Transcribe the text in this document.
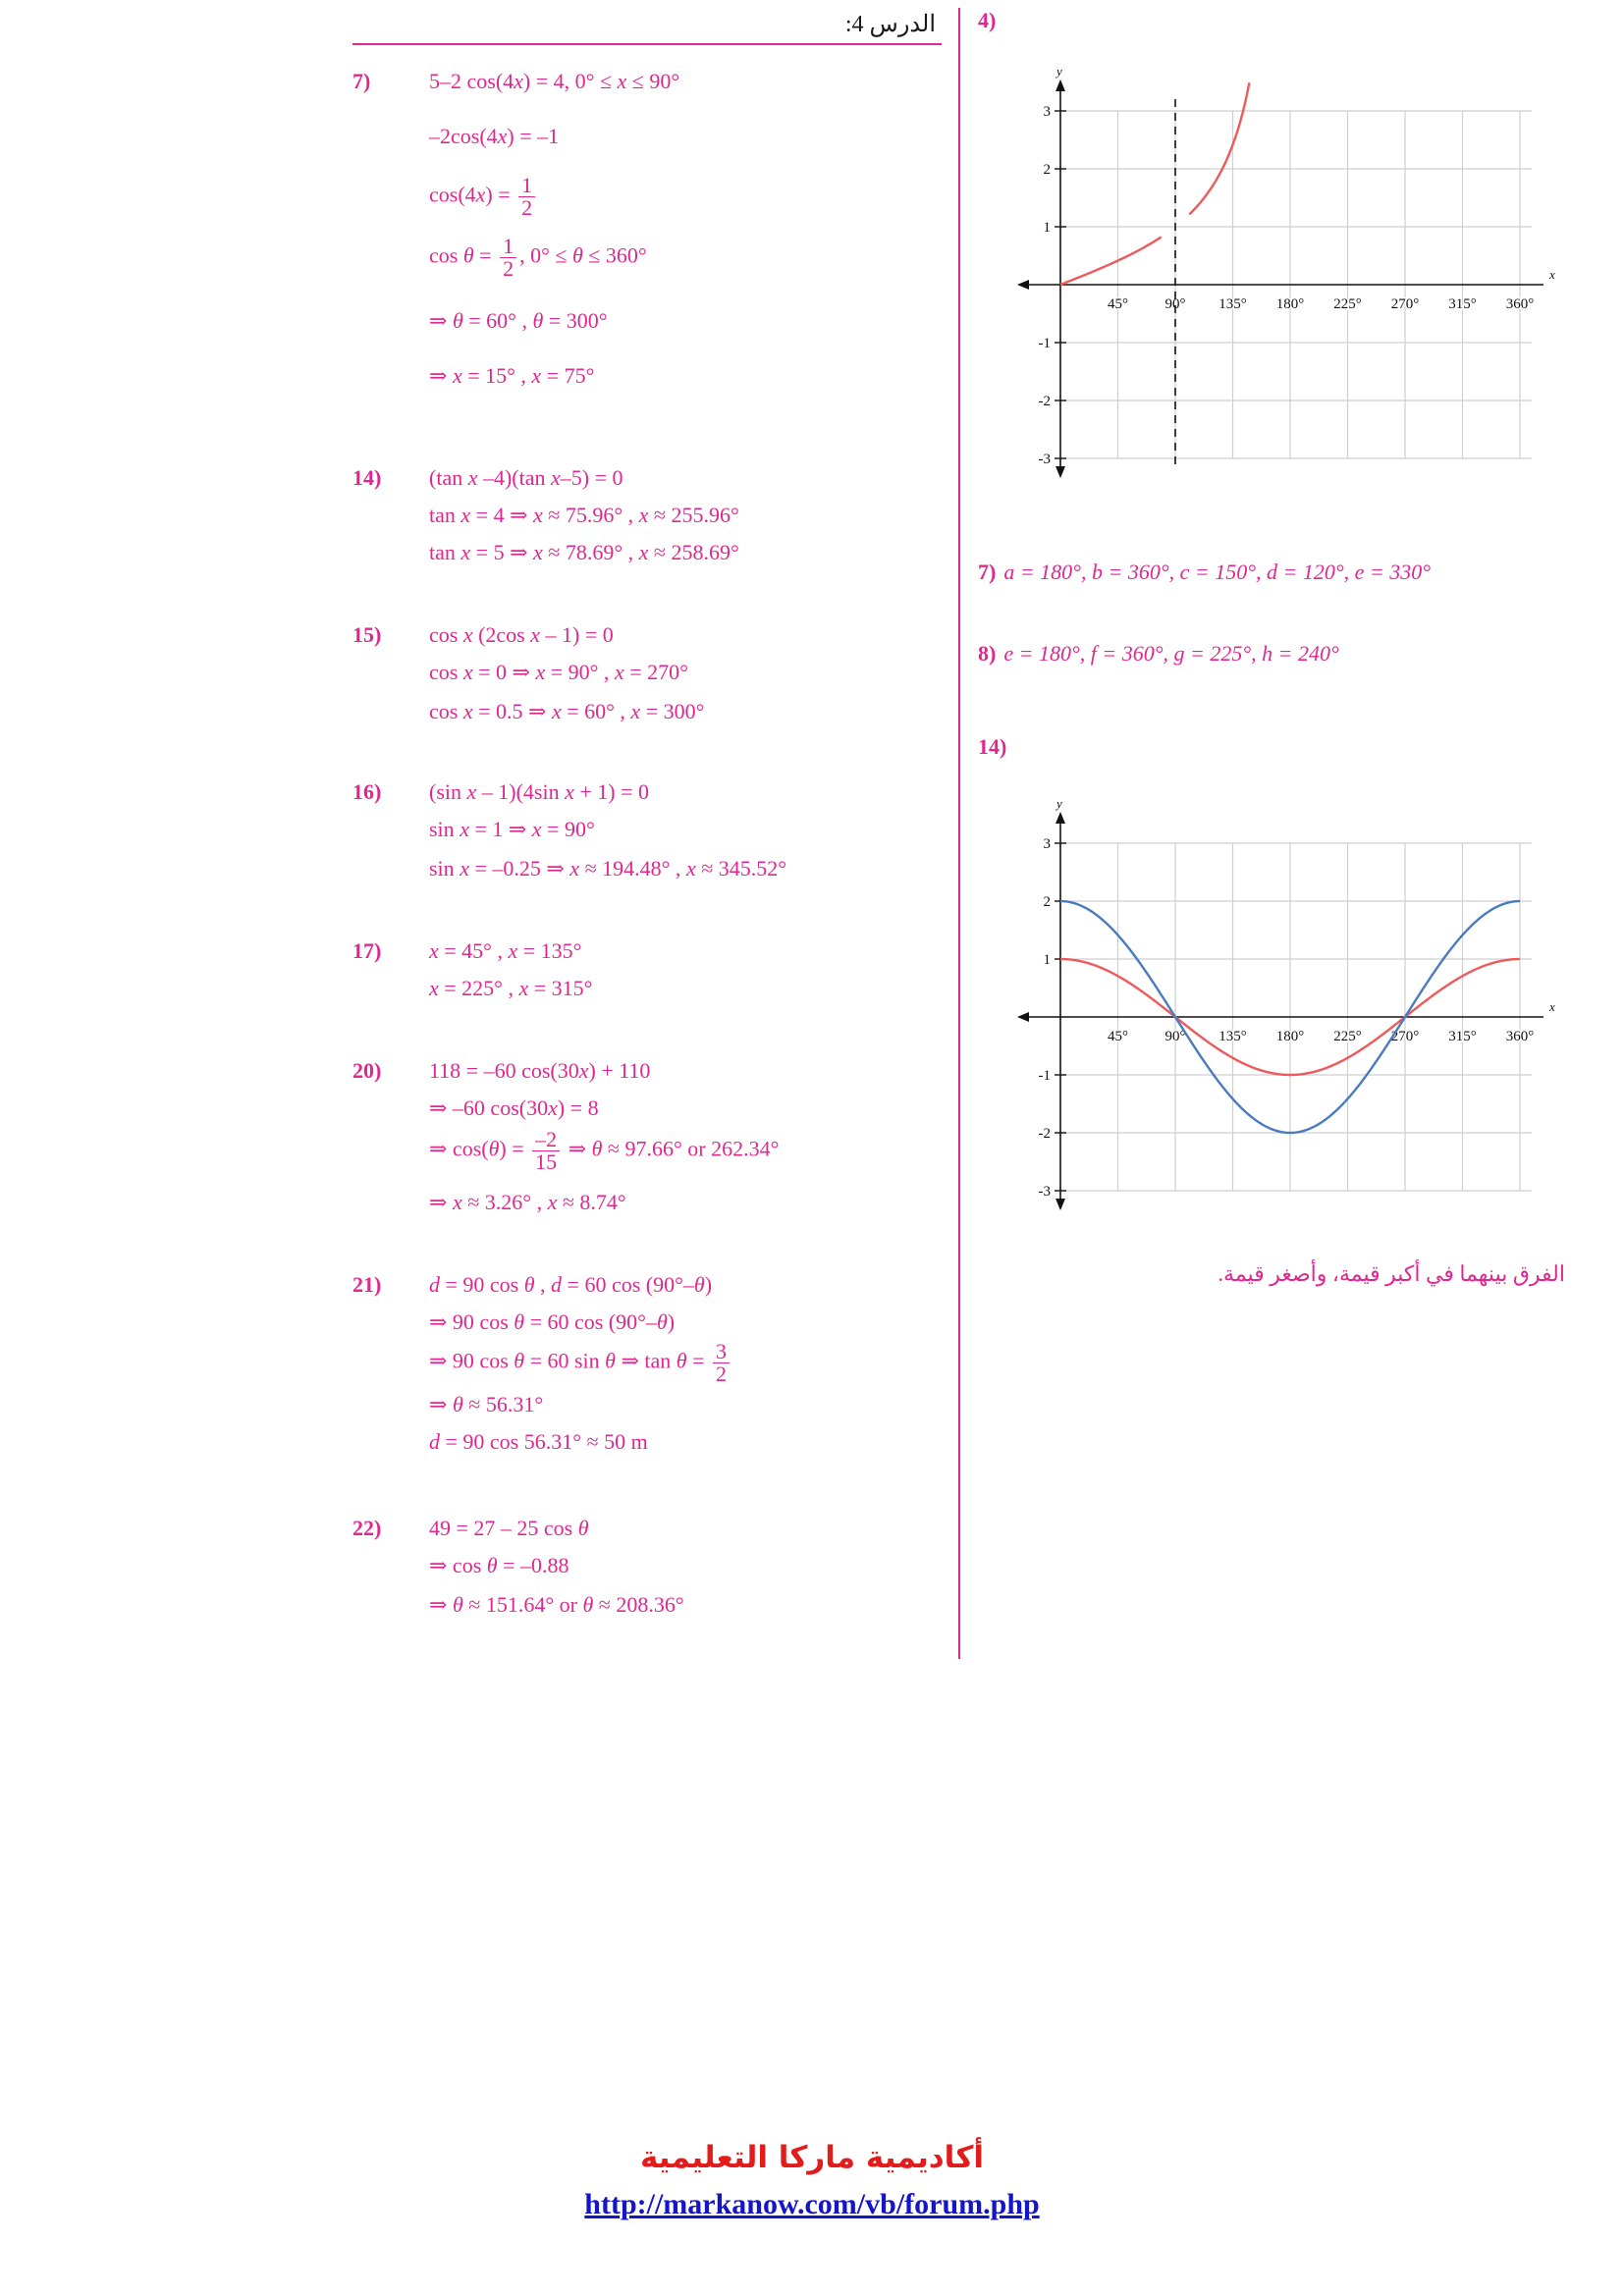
الدرس 4:
7)	5–2 cos(4x) = 4, 0° ≤ x ≤ 90°
–2cos(4x) = –1
$\cos(4x) = \frac{1}{2}$
$\cos \theta = \frac{1}{2}$ , 0° ≤ θ ≤ 360°
⇒ θ = 60° , θ = 300°
⇒ x = 15° , x = 75°
14) (tan x –4)(tan x–5) = 0
tan x = 4 ⇒ x ≈ 75.96° , x ≈ 255.96°
tan x = 5 ⇒ x ≈ 78.69° , x ≈ 258.69°
15) cos x (2cos x – 1) = 0
cos x = 0 ⇒ x = 90° , x = 270°
cos x = 0.5 ⇒ x = 60° , x = 300°
16) (sin x – 1)(4sin x + 1) = 0
sin x = 1 ⇒ x = 90°
sin x = –0.25 ⇒ x ≈ 194.48° , x ≈ 345.52°
17) x = 45° , x = 135°
x = 225° , x = 315°
20) 118 = –60 cos(30x) + 110
⇒ –60 cos(30x) = 8
⇒ $\cos(\theta) = \frac{-2}{15}$ ⇒ θ ≈ 97.66° or 262.34°
⇒ x ≈ 3.26° , x ≈ 8.74°
21) d = 90 cos θ , d = 60 cos (90°–θ)
⇒ 90 cos θ = 60 cos (90°–θ)
⇒ 90 cos θ = 60 sin θ ⇒ $\tan \theta = \frac{3}{2}$
⇒ θ ≈ 56.31°
d = 90 cos 56.31° ≈ 50 m
22) 49 = 27 – 25 cos θ
⇒ cos θ = –0.88
⇒ θ ≈ 151.64° or θ ≈ 208.36°
4)
x
y
45°	90° 135° 180° 225° 270° 315° 360°
3
2
1
-1
-2
-3
7) a = 180°, b = 360°, c = 150°, d = 120°, e = 330°
8) e = 180°, f = 360°, g = 225°, h = 240°
14)
x
y
45°	90° 135° 180° 225° 270° 315° 360°
3
2
1
-1
-2
-3
الفرق بينهما في أكبر قيمة، وأصغر قيمة.
أكاديمية ماركا التعليمية
http://markanow.com/vb/forum.php
